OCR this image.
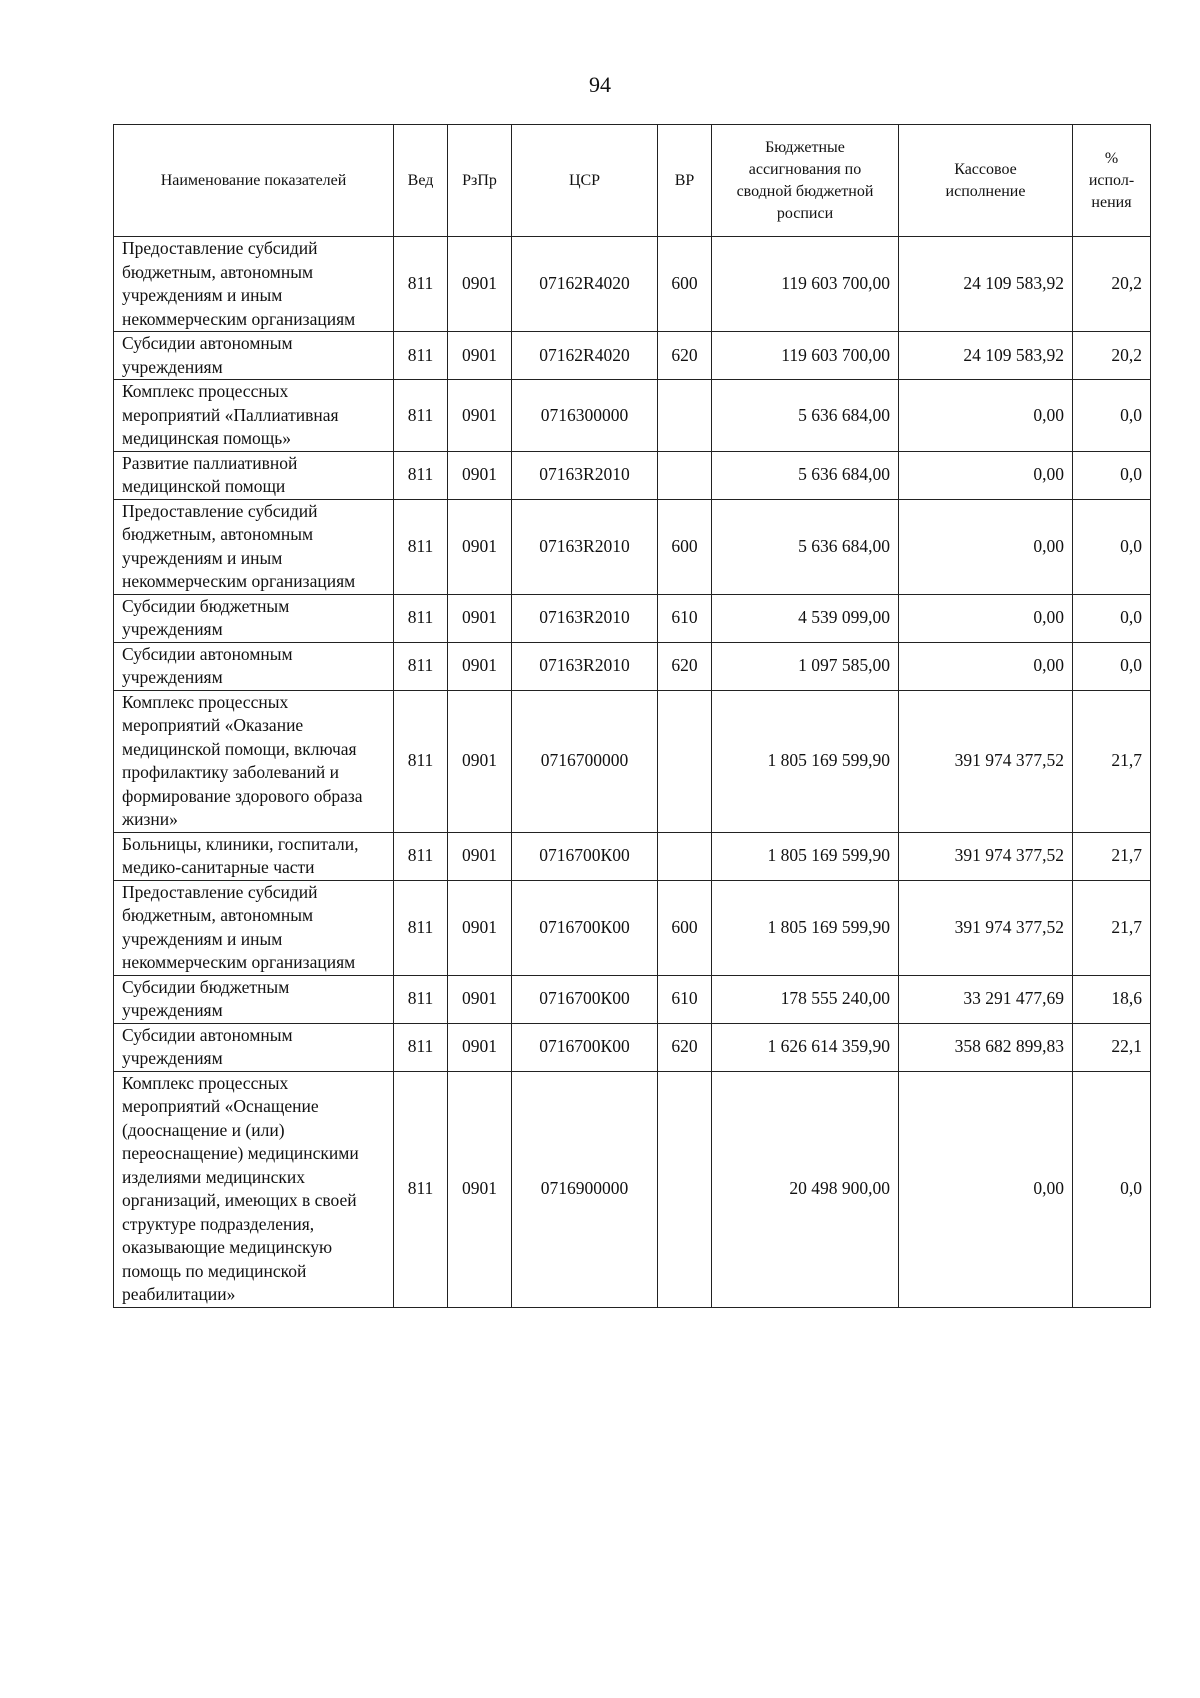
94
Наименование показателей	Вед	РзПр	ЦСР	ВР	Бюджетные ассигнования по сводной бюджетной росписи	Кассовое исполнение	% испол-нения
Предоставление субсидий бюджетным, автономным учреждениям и иным некоммерческим организациям	811	0901	07162R4020	600	119 603 700,00	24 109 583,92	20,2
Субсидии автономным учреждениям	811	0901	07162R4020	620	119 603 700,00	24 109 583,92	20,2
Комплекс процессных мероприятий «Паллиативная медицинская помощь»	811	0901	0716300000		5 636 684,00	0,00	0,0
Развитие паллиативной медицинской помощи	811	0901	07163R2010		5 636 684,00	0,00	0,0
Предоставление субсидий бюджетным, автономным учреждениям и иным некоммерческим организациям	811	0901	07163R2010	600	5 636 684,00	0,00	0,0
Субсидии бюджетным учреждениям	811	0901	07163R2010	610	4 539 099,00	0,00	0,0
Субсидии автономным учреждениям	811	0901	07163R2010	620	1 097 585,00	0,00	0,0
Комплекс процессных мероприятий «Оказание медицинской помощи, включая профилактику заболеваний и формирование здорового образа жизни»	811	0901	0716700000		1 805 169 599,90	391 974 377,52	21,7
Больницы, клиники, госпитали, медико-санитарные части	811	0901	0716700К00		1 805 169 599,90	391 974 377,52	21,7
Предоставление субсидий бюджетным, автономным учреждениям и иным некоммерческим организациям	811	0901	0716700К00	600	1 805 169 599,90	391 974 377,52	21,7
Субсидии бюджетным учреждениям	811	0901	0716700К00	610	178 555 240,00	33 291 477,69	18,6
Субсидии автономным учреждениям	811	0901	0716700К00	620	1 626 614 359,90	358 682 899,83	22,1
Комплекс процессных мероприятий «Оснащение (дооснащение и (или) переоснащение) медицинскими изделиями медицинских организаций, имеющих в своей структуре подразделения, оказывающие медицинскую помощь по медицинской реабилитации»	811	0901	0716900000		20 498 900,00	0,00	0,0
